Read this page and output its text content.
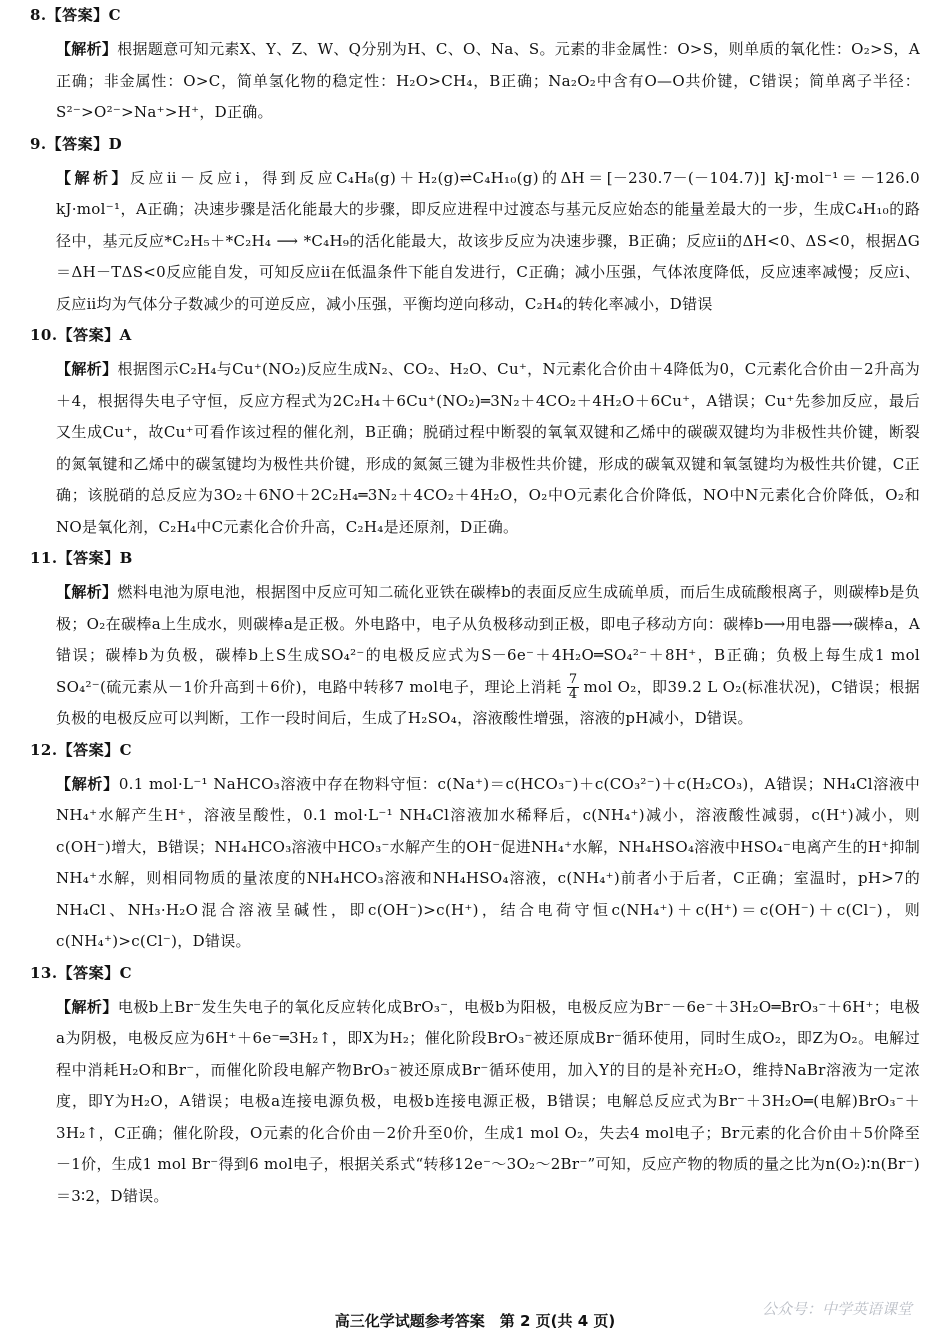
8.【答案】C
【解析】根据题意可知元素X、Y、Z、W、Q分别为H、C、O、Na、S。元素的非金属性：O>S，则单质的氧化性：O₂>S，A正确；非金属性：O>C，简单氢化物的稳定性：H₂O>CH₄，B正确；Na₂O₂中含有O—O共价键，C错误；简单离子半径：S²⁻>O²⁻>Na⁺>H⁺，D正确。
9.【答案】D
【解析】反应ⅱ－反应ⅰ，得到反应C₄H₈(g)＋H₂(g)⇌C₄H₁₀(g)的ΔH＝[－230.7－(－104.7)] kJ·mol⁻¹＝－126.0 kJ·mol⁻¹，A正确；决速步骤是活化能最大的步骤，即反应进程中过渡态与基元反应始态的能量差最大的一步，生成C₄H₁₀的路径中，基元反应*C₂H₅＋*C₂H₄ ⟶ *C₄H₉的活化能最大，故该步反应为决速步骤，B正确；反应ⅱ的ΔH<0、ΔS<0，根据ΔG＝ΔH－TΔS<0反应能自发，可知反应ⅱ在低温条件下能自发进行，C正确；减小压强，气体浓度降低，反应速率减慢；反应ⅰ、反应ⅱ均为气体分子数减少的可逆反应，减小压强，平衡均逆向移动，C₂H₄的转化率减小，D错误
10.【答案】A
【解析】根据图示C₂H₄与Cu⁺(NO₂)反应生成N₂、CO₂、H₂O、Cu⁺，N元素化合价由＋4降低为0，C元素化合价由－2升高为＋4，根据得失电子守恒，反应方程式为2C₂H₄＋6Cu⁺(NO₂)═3N₂＋4CO₂＋4H₂O＋6Cu⁺，A错误；Cu⁺先参加反应，最后又生成Cu⁺，故Cu⁺可看作该过程的催化剂，B正确；脱硝过程中断裂的氧氧双键和乙烯中的碳碳双键均为非极性共价键，断裂的氮氧键和乙烯中的碳氢键均为极性共价键，形成的氮氮三键为非极性共价键，形成的碳氧双键和氧氢键均为极性共价键，C正确；该脱硝的总反应为3O₂＋6NO＋2C₂H₄═3N₂＋4CO₂＋4H₂O，O₂中O元素化合价降低，NO中N元素化合价降低，O₂和NO是氧化剂，C₂H₄中C元素化合价升高，C₂H₄是还原剂，D正确。
11.【答案】B
【解析】燃料电池为原电池，根据图中反应可知二硫化亚铁在碳棒b的表面反应生成硫单质，而后生成硫酸根离子，则碳棒b是负极；O₂在碳棒a上生成水，则碳棒a是正极。外电路中，电子从负极移动到正极，即电子移动方向：碳棒b⟶用电器⟶碳棒a，A错误；碳棒b为负极，碳棒b上S生成SO₄²⁻的电极反应式为S－6e⁻＋4H₂O═SO₄²⁻＋8H⁺，B正确；负极上每生成1 mol SO₄²⁻(硫元素从－1价升高到＋6价)，电路中转移7 mol电子，理论上消耗 $\frac{7}{4}$ mol O₂，即39.2 L O₂(标准状况)，C错误；根据负极的电极反应可以判断，工作一段时间后，生成了H₂SO₄，溶液酸性增强，溶液的pH减小，D错误。
12.【答案】C
【解析】0.1 mol·L⁻¹ NaHCO₃溶液中存在物料守恒：c(Na⁺)＝c(HCO₃⁻)＋c(CO₃²⁻)＋c(H₂CO₃)，A错误；NH₄Cl溶液中NH₄⁺水解产生H⁺，溶液呈酸性，0.1 mol·L⁻¹ NH₄Cl溶液加水稀释后，c(NH₄⁺)减小，溶液酸性减弱，c(H⁺)减小，则c(OH⁻)增大，B错误；NH₄HCO₃溶液中HCO₃⁻水解产生的OH⁻促进NH₄⁺水解，NH₄HSO₄溶液中HSO₄⁻电离产生的H⁺抑制NH₄⁺水解，则相同物质的量浓度的NH₄HCO₃溶液和NH₄HSO₄溶液，c(NH₄⁺)前者小于后者，C正确；室温时，pH>7的NH₄Cl、NH₃·H₂O混合溶液呈碱性，即c(OH⁻)>c(H⁺)，结合电荷守恒c(NH₄⁺)＋c(H⁺)＝c(OH⁻)＋c(Cl⁻)，则c(NH₄⁺)>c(Cl⁻)，D错误。
13.【答案】C
【解析】电极b上Br⁻发生失电子的氧化反应转化成BrO₃⁻，电极b为阳极，电极反应为Br⁻－6e⁻＋3H₂O═BrO₃⁻＋6H⁺；电极a为阴极，电极反应为6H⁺＋6e⁻═3H₂↑，即X为H₂；催化阶段BrO₃⁻被还原成Br⁻循环使用，同时生成O₂，即Z为O₂。电解过程中消耗H₂O和Br⁻，而催化阶段电解产物BrO₃⁻被还原成Br⁻循环使用，加入Y的目的是补充H₂O，维持NaBr溶液为一定浓度，即Y为H₂O，A错误；电极a连接电源负极，电极b连接电源正极，B错误；电解总反应式为Br⁻＋3H₂O═(电解)BrO₃⁻＋3H₂↑，C正确；催化阶段，O元素的化合价由－2价升至0价，生成1 mol O₂，失去4 mol电子；Br元素的化合价由＋5价降至－1价，生成1 mol Br⁻得到6 mol电子，根据关系式“转移12e⁻～3O₂～2Br⁻”可知，反应产物的物质的量之比为n(O₂)∶n(Br⁻)＝3∶2，D错误。
公众号：中学英语课堂
高三化学试题参考答案　第 2 页(共 4 页)
